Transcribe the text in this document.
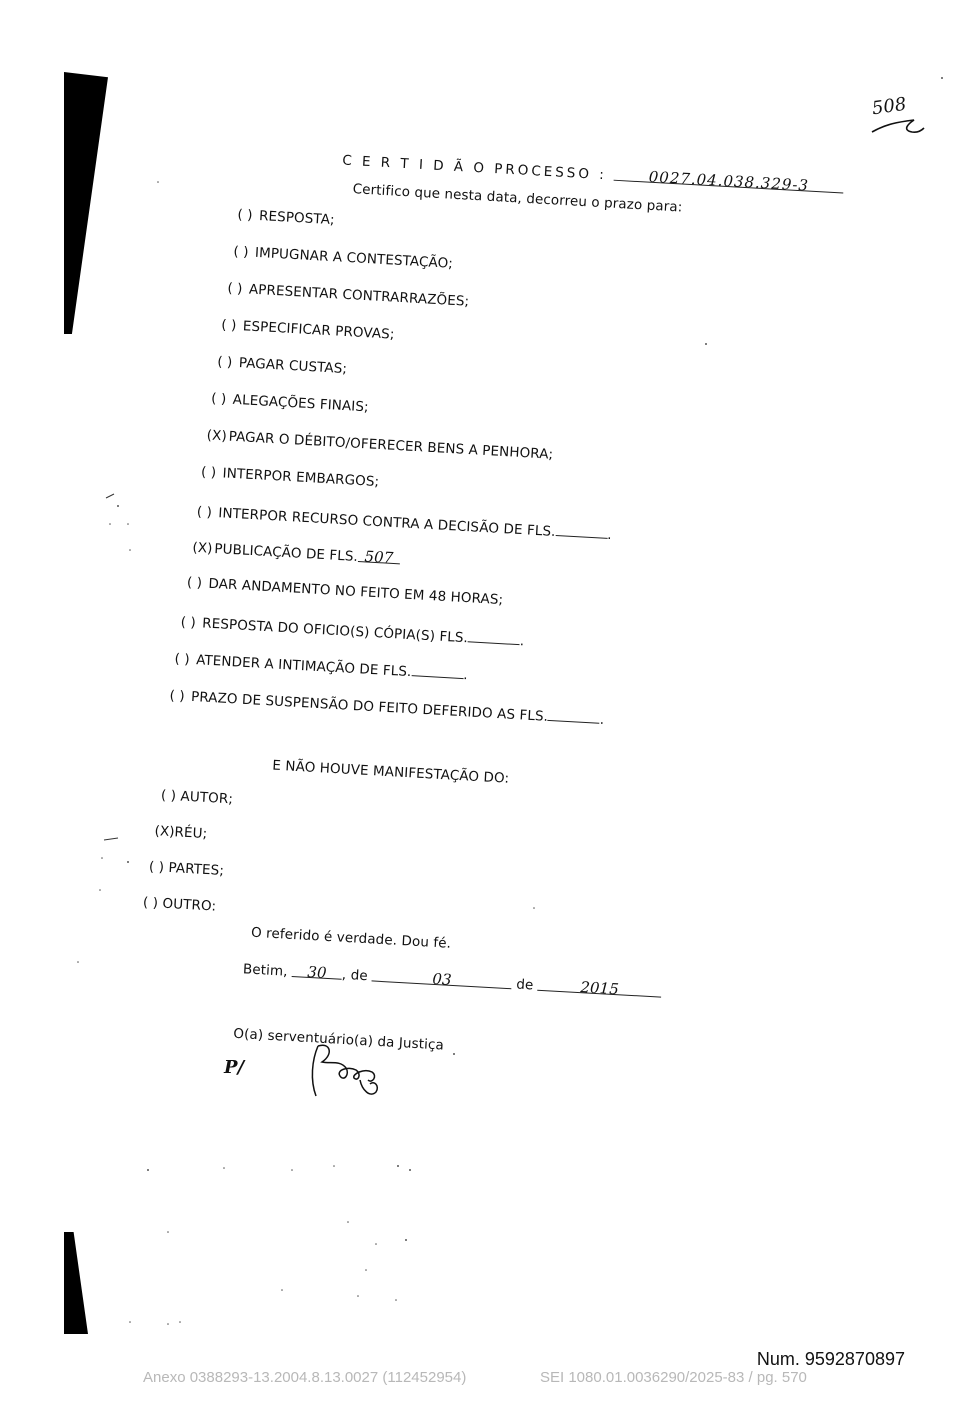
508
C E R T I D Ã O PROCESSO :	0027.04.038.329-3
Certifico que nesta data, decorreu o prazo para:
( ) RESPOSTA;
( ) IMPUGNAR A CONTESTAÇÃO;
( ) APRESENTAR CONTRARRAZÕES;
( ) ESPECIFICAR PROVAS;
( ) PAGAR CUSTAS;
( ) ALEGAÇÕES FINAIS;
(X)PAGAR O DÉBITO/OFERECER BENS A PENHORA;
( ) INTERPOR EMBARGOS;
( ) INTERPOR RECURSO CONTRA A DECISÃO DE FLS.	.
(X)PUBLICAÇÃO DE FLS. 507
( ) DAR ANDAMENTO NO FEITO EM 48 HORAS;
( ) RESPOSTA DO OFICIO(S) CÓPIA(S) FLS.	.
( ) ATENDER A INTIMAÇÃO DE FLS.	.
( ) PRAZO DE SUSPENSÃO DO FEITO DEFERIDO AS FLS.	.
E NÃO HOUVE MANIFESTAÇÃO DO:
( ) AUTOR;
(X)RÉU;
( ) PARTES;
( ) OUTRO:
O referido é verdade. Dou fé.
Betim, 30 , de	03	de	2015
O(a) serventuário(a) da Justiça
P/
Num. 9592870897
Anexo 0388293-13.2004.8.13.0027 (112452954)	SEI 1080.01.0036290/2025-83 / pg. 570
